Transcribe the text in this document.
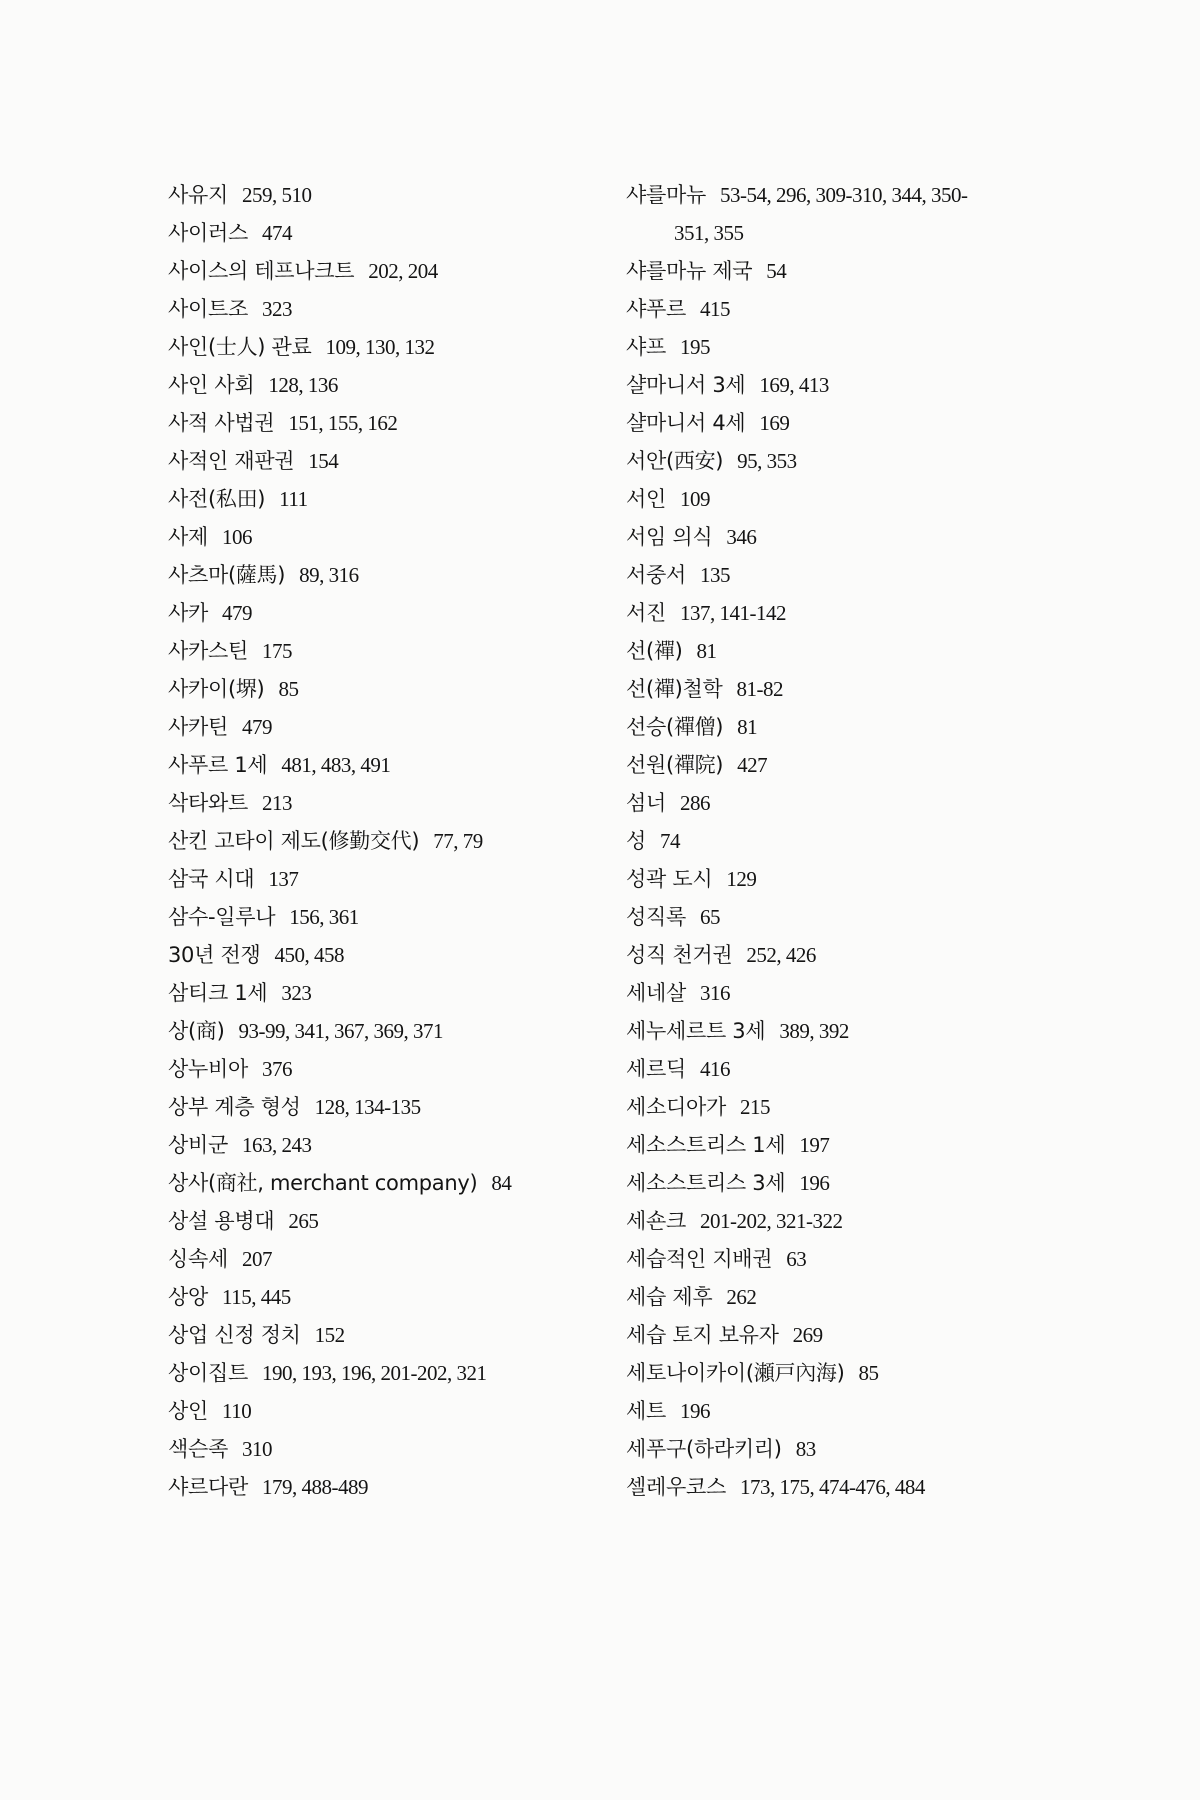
사유지 259, 510
사이러스 474
사이스의 테프나크트 202, 204
사이트조 323
사인(士人) 관료 109, 130, 132
사인 사회 128, 136
사적 사법권 151, 155, 162
사적인 재판권 154
사전(私田) 111
사제 106
사츠마(薩馬) 89, 316
사카 479
사카스틴 175
사카이(堺) 85
사카틴 479
사푸르 1세 481, 483, 491
삭타와트 213
산킨 고타이 제도(修勤交代) 77, 79
삼국 시대 137
삼수-일루나 156, 361
30년 전쟁 450, 458
삼티크 1세 323
상(商) 93-99, 341, 367, 369, 371
상누비아 376
상부 계층 형성 128, 134-135
상비군 163, 243
상사(商社, merchant company) 84
상설 용병대 265
싱속세 207
상앙 115, 445
상업 신정 정치 152
상이집트 190, 193, 196, 201-202, 321
상인 110
색슨족 310
샤르다란 179, 488-489
샤를마뉴 53-54, 296, 309-310, 344, 350-
351, 355
샤를마뉴 제국 54
샤푸르 415
샤프 195
샬마니서 3세 169, 413
샬마니서 4세 169
서안(西安) 95, 353
서인 109
서임 의식 346
서중서 135
서진 137, 141-142
선(禪) 81
선(禪)철학 81-82
선승(禪僧) 81
선원(禪院) 427
섬너 286
성 74
성곽 도시 129
성직록 65
성직 천거권 252, 426
세네살 316
세누세르트 3세 389, 392
세르딕 416
세소디아가 215
세소스트리스 1세 197
세소스트리스 3세 196
세숀크 201-202, 321-322
세습적인 지배권 63
세습 제후 262
세습 토지 보유자 269
세토나이카이(瀬戸內海) 85
세트 196
세푸구(하라키리) 83
셀레우코스 173, 175, 474-476, 484
